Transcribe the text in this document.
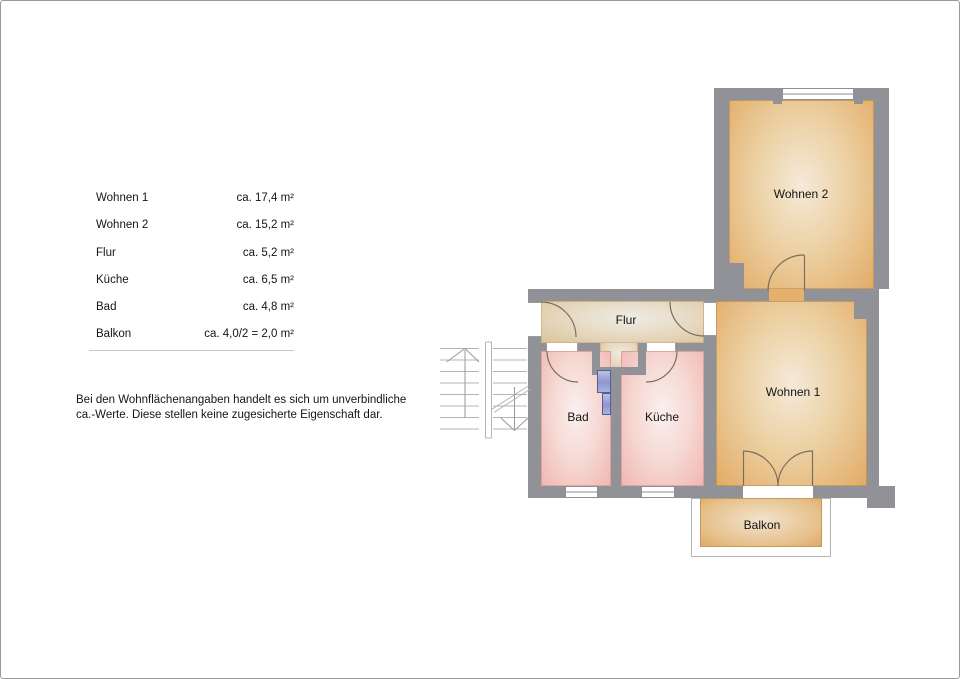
Wohnen 1	ca. 17,4 m²
Wohnen 2	ca. 15,2 m²
Flur	ca. 5,2 m²
Küche	ca. 6,5 m²
Bad	ca. 4,8 m²
Balkon	ca. 4,0/2 = 2,0 m²
Bei den Wohnflächenangaben handelt es sich um unverbindliche
ca.-Werte. Diese stellen keine zugesicherte Eigenschaft dar.
Wohnen 2
Wohnen 1
Flur
Bad	Küche
Balkon
